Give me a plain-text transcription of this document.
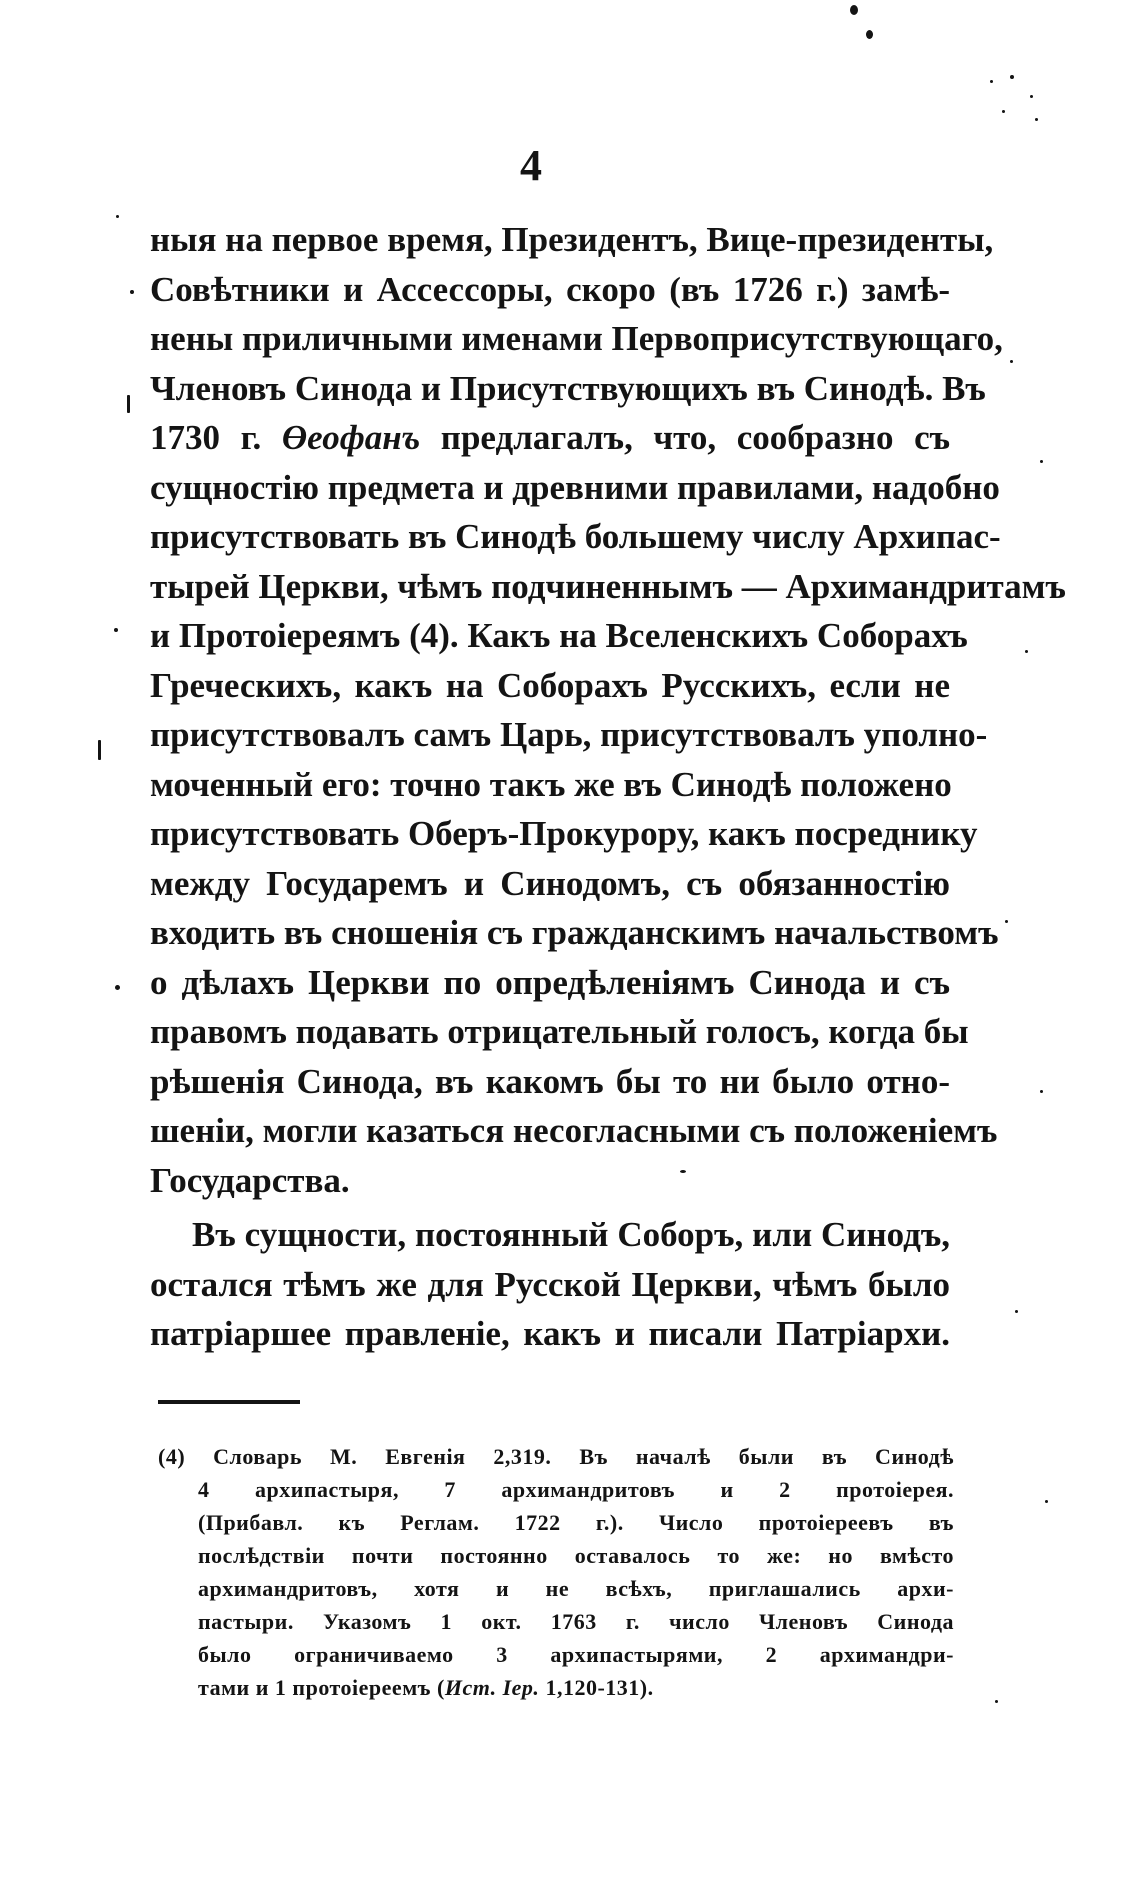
4
ныя на первое время, Президентъ, Вице-президенты,
Совѣтники и Ассессоры, скоро (въ 1726 г.) замѣ-
нены приличными именами Первоприсутствующаго,
Членовъ Синода и Присутствующихъ въ Синодѣ. Въ
1730 г. Өеофанъ предлагалъ, что, сообразно съ
сущностію предмета и древними правилами, надобно
присутствовать въ Синодѣ большему числу Архипас-
тырей Церкви, чѣмъ подчиненнымъ — Архимандритамъ
и Протоіереямъ (4). Какъ на Вселенскихъ Соборахъ
Греческихъ, какъ на Соборахъ Русскихъ, если не
присутствовалъ самъ Царь, присутствовалъ уполно-
моченный его: точно такъ же въ Синодѣ положено
присутствовать Оберъ-Прокурору, какъ посреднику
между Государемъ и Синодомъ, съ обязанностію
входить въ сношенія съ гражданскимъ начальствомъ
о дѣлахъ Церкви по опредѣленіямъ Синода и съ
правомъ подавать отрицательный голосъ, когда бы
рѣшенія Синода, въ какомъ бы то ни было отно-
шеніи, могли казаться несогласными съ положеніемъ
Государства.
Въ сущности, постоянный Соборъ, или Синодъ,
остался тѣмъ же для Русской Церкви, чѣмъ было
патріаршее правленіе, какъ и писали Патріархи.
(4) Словарь М. Евгенія 2,319. Въ началѣ были въ Синодѣ
4 архипастыря, 7 архимандритовъ и 2 протоіерея.
(Прибавл. къ Реглам. 1722 г.). Число протоіереевъ въ
послѣдствіи почти постоянно оставалось то же: но вмѣсто
архимандритовъ, хотя и не всѣхъ, приглашались архи-
пастыри. Указомъ 1 окт. 1763 г. число Членовъ Синода
было ограничиваемо 3 архипастырями, 2 архимандри-
тами и 1 протоіереемъ (Ист. Іер. 1,120-131).
